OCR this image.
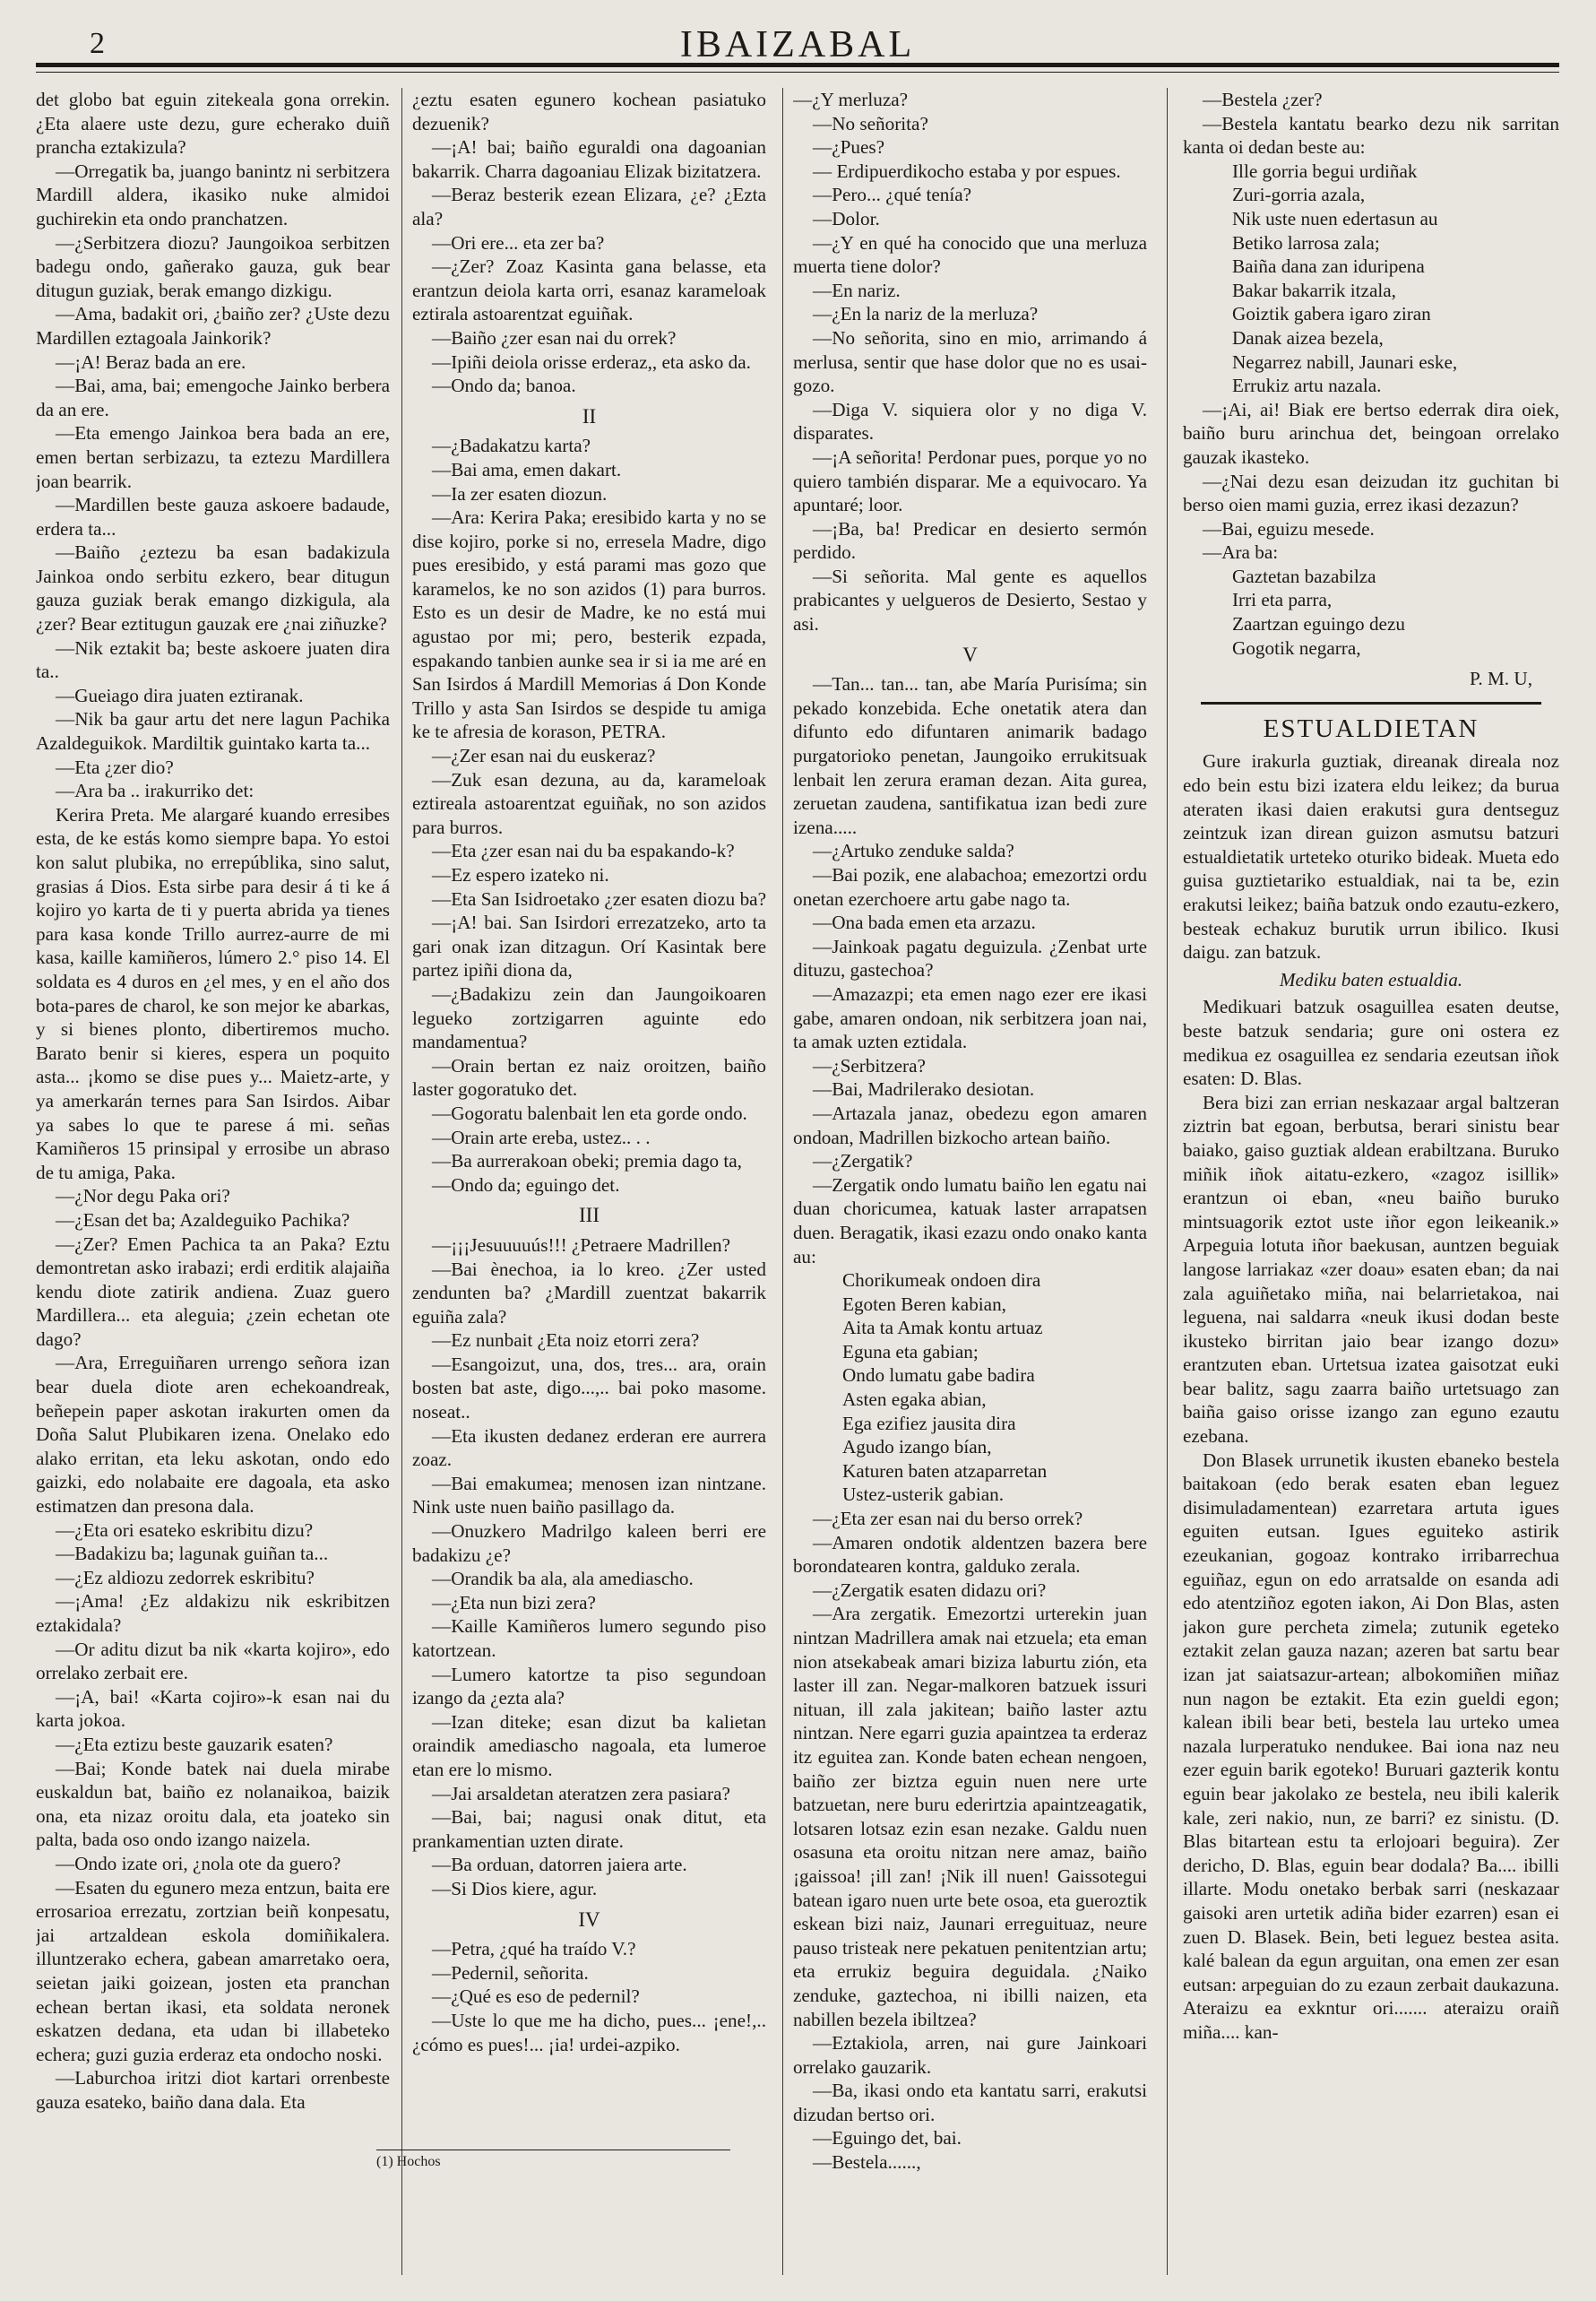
2	IBAIZABAL

det globo bat eguin zitekeala gona orrekin. ¿Eta alaere uste dezu, gure echerako duiñ prancha eztakizula?

—Orregatik ba, juango banintz ni serbitzera Mardill aldera, ikasiko nuke almidoi guchirekin eta ondo pranchatzen.

—¿Serbitzera diozu? Jaungoikoa serbitzen badegu ondo, gañerako gauza, guk bear ditugun guziak, berak emango dizkigu.

—Ama, badakit ori, ¿baiño zer? ¿Uste dezu Mardillen eztagoala Jainkorik?

—¡A! Beraz bada an ere.

—Bai, ama, bai; emengoche Jainko berbera da an ere.

—Eta emengo Jainkoa bera bada an ere, emen bertan serbizazu, ta eztezu Mardillera joan bearrik.

—Mardillen beste gauza askoere badaude, erdera ta...

—Baiño ¿eztezu ba esan badakizula Jainkoa ondo serbitu ezkero, bear ditugun gauza guziak berak emango dizkigula, ala ¿zer? Bear eztitugun gauzak ere ¿nai ziñuzke?

—Nik eztakit ba; beste askoere juaten dira ta..

—Gueiago dira juaten eztiranak.

—Nik ba gaur artu det nere lagun Pachika Azaldeguikok. Mardiltik guintako karta ta...

—Eta ¿zer dio?

—Ara ba .. irakurriko det:

Kerira Preta. Me alargaré kuando erresibes esta, de ke estás komo siempre bapa. Yo estoi kon salut plubika, no errepúblika, sino salut, grasias á Dios. Esta sirbe para desir á ti ke á kojiro yo karta de ti y puerta abrida ya tienes para kasa konde Trillo aurrez-aurre de mi kasa, kaille kamiñeros, lúmero 2.° piso 14. El soldata es 4 duros en ¿el mes, y en el año dos bota-pares de charol, ke son mejor ke abarkas, y si bienes plonto, dibertiremos mucho. Barato benir si kieres, espera un poquito asta... ¡komo se dise pues y... Maietz-arte, y ya amerkarán ternes para San Isirdos. Aibar ya sabes lo que te parese á mi. señas Kamiñeros 15 prinsipal y errosibe un abraso de tu amiga, Paka.

—¿Nor degu Paka ori?

—¿Esan det ba; Azaldeguiko Pachika?

—¿Zer? Emen Pachica ta an Paka? Eztu demontretan asko irabazi; erdi erditik alajaiña kendu diote zatirik andiena. Zuaz guero Mardillera... eta aleguia; ¿zein echetan ote dago?

—Ara, Erreguiñaren urrengo señora izan bear duela diote aren echekoandreak, beñepein paper askotan irakurten omen da Doña Salut Plubikaren izena. Onelako edo alako erritan, eta leku askotan, ondo edo gaizki, edo nolabaite ere dagoala, eta asko estimatzen dan presona dala.

—¿Eta ori esateko eskribitu dizu?

—Badakizu ba; lagunak guiñan ta...

—¿Ez aldiozu zedorrek eskribitu?

—¡Ama! ¿Ez aldakizu nik eskribitzen eztakidala?

—Or aditu dizut ba nik «karta kojiro», edo orrelako zerbait ere.

—¡A, bai! «Karta cojiro»-k esan nai du karta jokoa.

—¿Eta eztizu beste gauzarik esaten?

—Bai; Konde batek nai duela mirabe euskaldun bat, baiño ez nolanaikoa, baizik ona, eta nizaz oroitu dala, eta joateko sin palta, bada oso ondo izango naizela.

—Ondo izate ori, ¿nola ote da guero?

—Esaten du egunero meza entzun, baita ere errosarioa errezatu, zortzian beiñ konpesatu, jai artzaldean eskola domiñikalera. illuntzerako echera, gabean amarretako oera, seietan jaiki goizean, josten eta pranchan echean bertan ikasi, eta soldata neronek eskatzen dedana, eta udan bi illabeteko echera; guzi guzia erderaz eta ondocho noski.

—Laburchoa iritzi diot kartari orrenbeste gauza esateko, baiño dana dala. Eta

¿eztu esaten egunero kochean pasiatuko dezuenik?

—¡A! bai; baiño eguraldi ona dagoanian bakarrik. Charra dagoaniau Elizak bizitatzera.

—Beraz besterik ezean Elizara, ¿e? ¿Ezta ala?

—Ori ere... eta zer ba?

—¿Zer? Zoaz Kasinta gana belasse, eta erantzun deiola karta orri, esanaz karameloak eztirala astoarentzat eguiñak.

—Baiño ¿zer esan nai du orrek?

—Ipiñi deiola orisse erderaz,, eta asko da.

—Ondo da; banoa.

II

—¿Badakatzu karta?

—Bai ama, emen dakart.

—Ia zer esaten diozun.

—Ara: Kerira Paka; eresibido karta y no se dise kojiro, porke si no, erresela Madre, digo pues eresibido, y está parami mas gozo que karamelos, ke no son azidos (1) para burros. Esto es un desir de Madre, ke no está mui agustao por mi; pero, besterik ezpada, espakando tanbien aunke sea ir si ia me aré en San Isirdos á Mardill Memorias á Don Konde Trillo y asta San Isirdos se despide tu amiga ke te afresia de korason, PETRA.

—¿Zer esan nai du euskeraz?

—Zuk esan dezuna, au da, karameloak eztireala astoarentzat eguiñak, no son azidos para burros.

—Eta ¿zer esan nai du ba espakando-k?

—Ez espero izateko ni.

—Eta San Isidroetako ¿zer esaten diozu ba?

—¡A! bai. San Isirdori errezatzeko, arto ta gari onak izan ditzagun. Orí Kasintak bere partez ipiñi diona da,

—¿Badakizu zein dan Jaungoikoaren legueko zortzigarren aguinte edo mandamentua?

—Orain bertan ez naiz oroitzen, baiño laster gogoratuko det.

—Gogoratu balenbait len eta gorde ondo.

—Orain arte ereba, ustez.. . .

—Ba aurrerakoan obeki; premia dago ta,

—Ondo da; eguingo det.

III

—¡¡¡Jesuuuuús!!! ¿Petraere Madrillen?

—Bai ènechoa, ia lo kreo. ¿Zer usted zendunten ba? ¿Mardill zuentzat bakarrik eguiña zala?

—Ez nunbait ¿Eta noiz etorri zera?

—Esangoizut, una, dos, tres... ara, orain bosten bat aste, digo...,.. bai poko masome. noseat..

—Eta ikusten dedanez erderan ere aurrera zoaz.

—Bai emakumea; menosen izan nintzane. Nink uste nuen baiño pasillago da.

—Onuzkero Madrilgo kaleen berri ere badakizu ¿e?

—Orandik ba ala, ala amediascho.

—¿Eta nun bizi zera?

—Kaille Kamiñeros lumero segundo piso katortzean.

—Lumero katortze ta piso segundoan izango da ¿ezta ala?

—Izan diteke; esan dizut ba kalietan oraindik amediascho nagoala, eta lumeroe etan ere lo mismo.

—Jai arsaldetan ateratzen zera pasiara?

—Bai, bai; nagusi onak ditut, eta prankamentian uzten dirate.

—Ba orduan, datorren jaiera arte.

—Si Dios kiere, agur.

IV

—Petra, ¿qué ha traído V.?

—Pedernil, señorita.

—¿Qué es eso de pedernil?

—Uste lo que me ha dicho, pues... ¡ene!,.. ¿cómo es pues!... ¡ia! urdei-azpiko.

—¿Y merluza?

—No señorita?

—¿Pues?

— Erdipuerdikocho estaba y por espues.

—Pero... ¿qué tenía?

—Dolor.

—¿Y en qué ha conocido que una merluza muerta tiene dolor?

—En nariz.

—¿En la nariz de la merluza?

—No señorita, sino en mio, arrimando á merlusa, sentir que hase dolor que no es usai-gozo.

—Diga V. siquiera olor y no diga V. disparates.

—¡A señorita! Perdonar pues, porque yo no quiero también disparar. Me a equivocaro. Ya apuntaré; loor.

—¡Ba, ba! Predicar en desierto sermón perdido.

—Si señorita. Mal gente es aquellos prabicantes y uelgueros de Desierto, Sestao y asi.

V

—Tan... tan... tan, abe María Purisíma; sin pekado konzebida. Eche onetatik atera dan difunto edo difuntaren animarik badago purgatorioko penetan, Jaungoiko errukitsuak lenbait len zerura eraman dezan. Aita gurea, zeruetan zaudena, santifikatua izan bedi zure izena.....

—¿Artuko zenduke salda?

—Bai pozik, ene alabachoa; emezortzi ordu onetan ezerchoere artu gabe nago ta.

—Ona bada emen eta arzazu.

—Jainkoak pagatu deguizula. ¿Zenbat urte dituzu, gastechoa?

—Amazazpi; eta emen nago ezer ere ikasi gabe, amaren ondoan, nik serbitzera joan nai, ta amak uzten eztidala.

—¿Serbitzera?

—Bai, Madrilerako desiotan.

—Artazala janaz, obedezu egon amaren ondoan, Madrillen bizkocho artean baiño.

—¿Zergatik?

—Zergatik ondo lumatu baiño len egatu nai duan choricumea, katuak laster arrapatsen duen. Beragatik, ikasi ezazu ondo onako kanta au:

Chorikumeak ondoen dira

Egoten Beren kabian,

Aita ta Amak kontu artuaz

Eguna eta gabian;

Ondo lumatu gabe badira

Asten egaka abian,

Ega ezifiez jausita dira

Agudo izango bían,

Katuren baten atzaparretan

Ustez-usterik gabian.

—¿Eta zer esan nai du berso orrek?

—Amaren ondotik aldentzen bazera bere borondatearen kontra, galduko zerala.

—¿Zergatik esaten didazu ori?

—Ara zergatik. Emezortzi urterekin juan nintzan Madrillera amak nai etzuela; eta eman nion atsekabeak amari biziza laburtu zión, eta laster ill zan. Negar-malkoren batzuek issuri nituan, ill zala jakitean; baiño laster aztu nintzan. Nere egarri guzia apaintzea ta erderaz itz eguitea zan. Konde baten echean nengoen, baiño zer biztza eguin nuen nere urte batzuetan, nere buru ederirtzia apaintzeagatik, lotsaren lotsaz ezin esan nezake. Galdu nuen osasuna eta oroitu nitzan nere amaz, baiño ¡gaissoa! ¡ill zan! ¡Nik ill nuen! Gaissotegui batean igaro nuen urte bete osoa, eta gueroztik eskean bizi naiz, Jaunari erreguituaz, neure pauso tristeak nere pekatuen penitentzian artu; eta errukiz beguira deguidala. ¿Naiko zenduke, gaztechoa, ni ibilli naizen, eta nabillen bezela ibiltzea?

—Eztakiola, arren, nai gure Jainkoari orrelako gauzarik.

—Ba, ikasi ondo eta kantatu sarri, erakutsi dizudan bertso ori.

—Eguingo det, bai.

—Bestela......,

—Bestela ¿zer?

—Bestela kantatu bearko dezu nik sarritan kanta oi dedan beste au:

Ille gorria begui urdiñak

Zuri-gorria azala,

Nik uste nuen edertasun au

Betiko larrosa zala;

Baiña dana zan iduripena

Bakar bakarrik itzala,

Goiztik gabera igaro ziran

Danak aizea bezela,

Negarrez nabill, Jaunari eske,

Errukiz artu nazala.

—¡Ai, ai! Biak ere bertso ederrak dira oiek, baiño buru arinchua det, beingoan orrelako gauzak ikasteko.

—¿Nai dezu esan deizudan itz guchitan bi berso oien mami guzia, errez ikasi dezazun?

—Bai, eguizu mesede.

—Ara ba:

Gaztetan bazabilza

Irri eta parra,

Zaartzan eguingo dezu

Gogotik negarra,

P. M. U,

ESTUALDIETAN

Gure irakurla guztiak, direanak direala noz edo bein estu bizi izatera eldu leikez; da burua ateraten ikasi daien erakutsi gura dentseguz zeintzuk izan direan guizon asmutsu batzuri estualdietatik urteteko oturiko bideak. Mueta edo guisa guztietariko estualdiak, nai ta be, ezin erakutsi leikez; baiña batzuk ondo ezautu-ezkero, besteak echakuz burutik urrun ibilico. Ikusi daigu. zan batzuk.

Mediku baten estualdia.

Medikuari batzuk osaguillea esaten deutse, beste batzuk sendaria; gure oni ostera ez medikua ez osaguillea ez sendaria ezeutsan iñok esaten: D. Blas.

Bera bizi zan errian neskazaar argal baltzeran ziztrin bat egoan, berbutsa, berari sinistu bear baiako, gaiso guztiak aldean erabiltzana. Buruko miñik iñok aitatu-ezkero, «zagoz isillik» erantzun oi eban, «neu baiño buruko mintsuagorik eztot uste iñor egon leikeanik.» Arpeguia lotuta iñor baekusan, auntzen beguiak langose larriakaz «zer doau» esaten eban; da nai zala aguiñetako miña, nai belarrietakoa, nai leguena, nai saldarra «neuk ikusi dodan beste ikusteko birritan jaio bear izango dozu» erantzuten eban. Urtetsua izatea gaisotzat euki bear balitz, sagu zaarra baiño urtetsuago zan baiña gaiso orisse izango zan eguno ezautu ezebana.

Don Blasek urrunetik ikusten ebaneko bestela baitakoan (edo berak esaten eban leguez disimuladamentean) ezarretara artuta igues eguiten eutsan. Igues eguiteko astirik ezeukanian, gogoaz kontrako irribarrechua eguiñaz, egun on edo arratsalde on esanda adi edo atentziñoz egoten iakon, Ai Don Blas, asten jakon gure percheta zimela; zutunik egeteko eztakit zelan gauza nazan; azeren bat sartu bear izan jat saiatsazur-artean; albokomiñen miñaz nun nagon be eztakit. Eta ezin gueldi egon; kalean ibili bear beti, bestela lau urteko umea nazala lurperatuko nendukee. Bai iona naz neu ezer eguin barik egoteko! Buruari gazterik kontu eguin bear jakolako ze bestela, neu ibili kalerik kale, zeri nakio, nun, ze barri? ez sinistu. (D. Blas bitartean estu ta erlojoari beguira). Zer dericho, D. Blas, eguin bear dodala? Ba.... ibilli illarte. Modu onetako berbak sarri (neskazaar gaisoki aren urtetik adiña bider ezarren) esan ei zuen D. Blasek. Bein, beti leguez bestea asita. kalé balean da egun arguitan, ona emen zer esan eutsan: arpeguian do zu ezaun zerbait daukazuna. Ateraizu ea exkntur ori....... ateraizu oraiñ miña.... kan-

(1) Hochos
